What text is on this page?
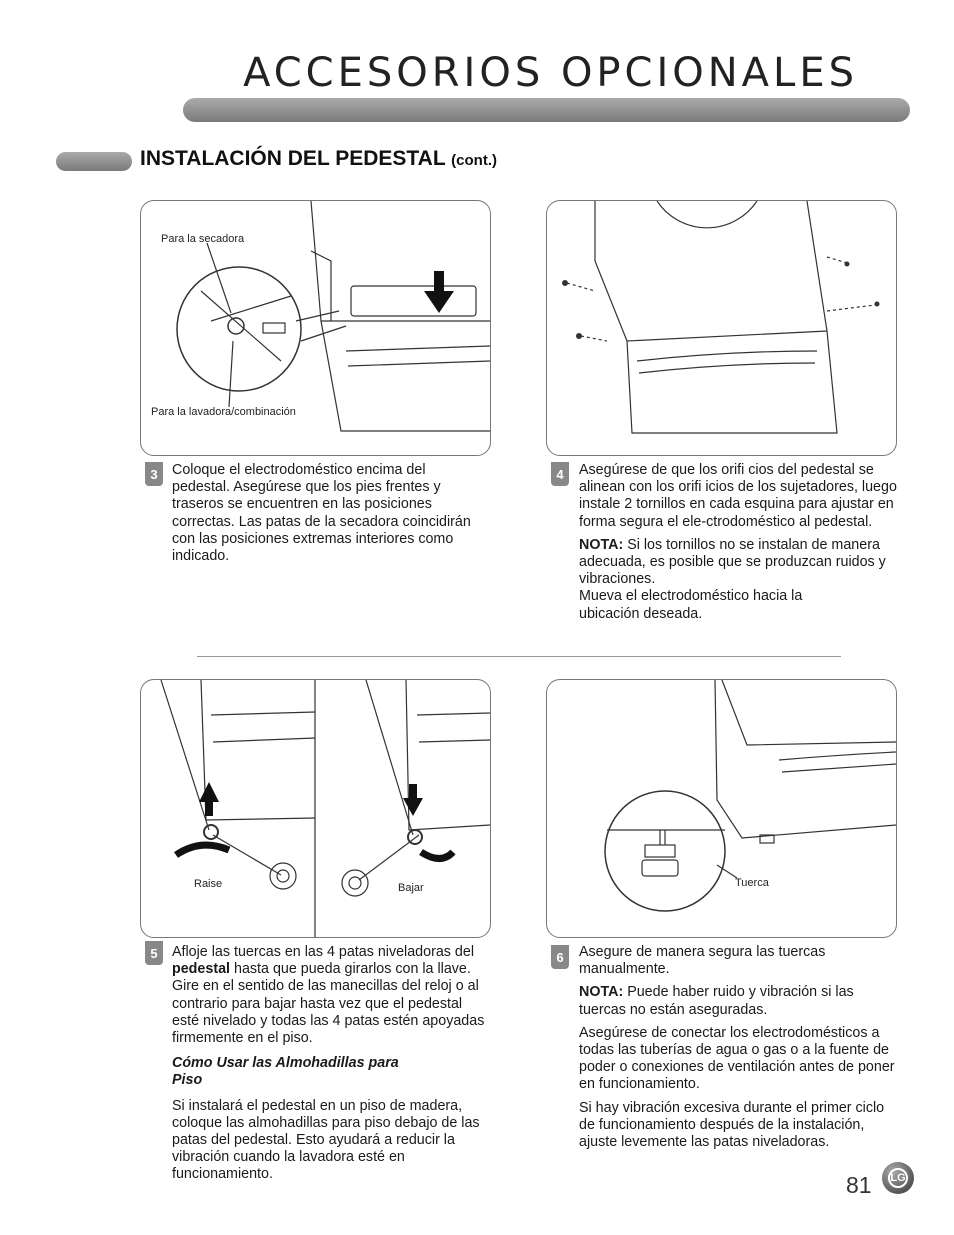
ACCESORIOS OPCIONALES
INSTALACIÓN DEL PEDESTAL (cont.)
Para la secadora
Para la lavadora/combinación
3	Coloque el electrodoméstico encima del pedestal. Asegúrese que los pies frentes y traseros se encuentren en las posiciones correctas. Las patas de la secadora coincidirán con las posiciones extremas interiores como indicado.

4	Asegúrese de que los orifi cios del pedestal se alinean con los orifi icios de los sujetadores, luego instale 2 tornillos en cada esquina para ajustar en forma segura el ele-ctrodoméstico al pedestal.

NOTA: Si los tornillos no se instalan de manera adecuada, es posible que se produzcan ruidos y vibraciones.

Mueva el electrodoméstico hacia la ubicación deseada.

Raise	Bajar	Tuerca
5	Afloje las tuercas en las 4 patas niveladoras del pedestal hasta que pueda girarlos con la llave. Gire en el sentido de las manecillas del reloj o al contrario para bajar hasta vez que el pedestal esté nivelado y todas las 4 patas estén apoyadas firmemente en el piso.

Cómo Usar las Almohadillas para Piso

Si instalará el pedestal en un piso de madera, coloque las almohadillas para piso debajo de las patas del pedestal. Esto ayudará a reducir la vibración cuando la lavadora esté en funcionamiento.

6	Asegure de manera segura las tuercas manualmente.

NOTA: Puede haber ruido y vibración si las tuercas no están aseguradas.

Asegúrese de conectar los electrodomésticos a todas las tuberías de agua o gas o a la fuente de poder o conexiones de ventilación antes de poner en funcionamiento.

Si hay vibración excesiva durante el primer ciclo de funcionamiento después de la instalación, ajuste levemente las patas niveladoras.

81 LG
